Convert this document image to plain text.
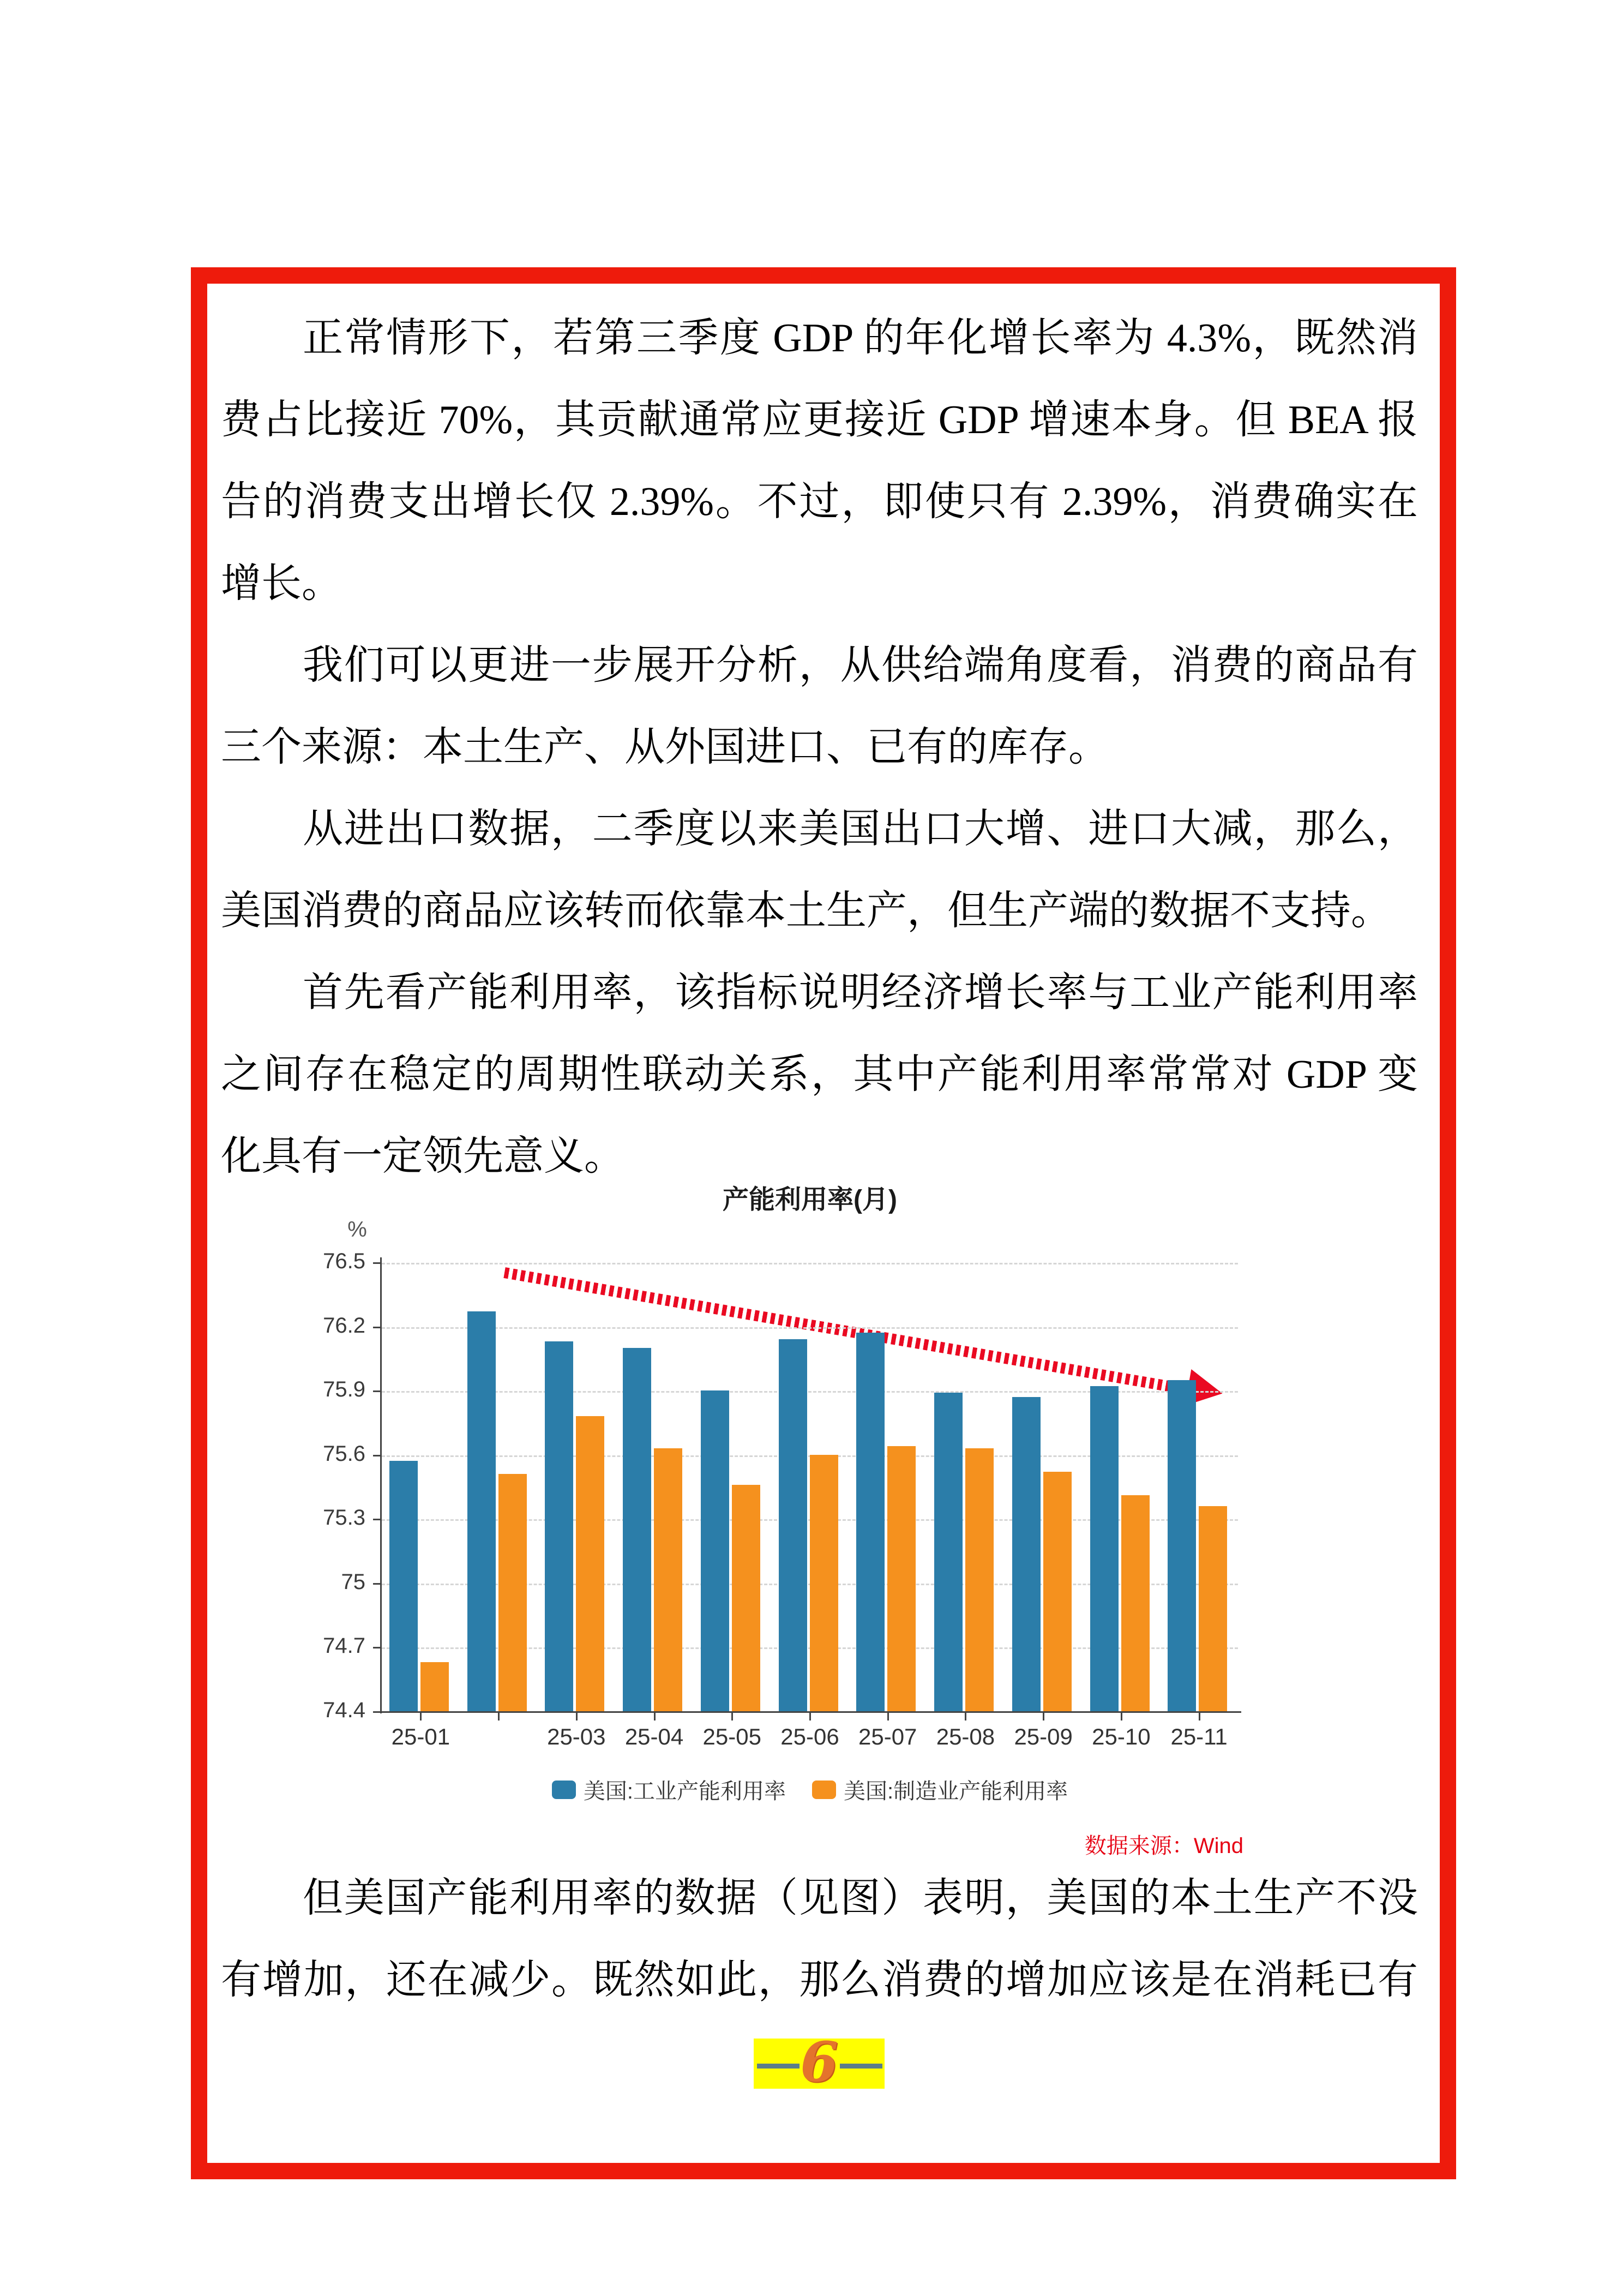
正常情形下，若第三季度 GDP 的年化增长率为 4.3%，既然消
费占比接近 70%，其贡献通常应更接近 GDP 增速本身。但 BEA 报
告的消费支出增长仅 2.39%。不过，即使只有 2.39%，消费确实在
增长。
我们可以更进一步展开分析，从供给端角度看，消费的商品有
三个来源：本土生产、从外国进口、已有的库存。
从进出口数据，二季度以来美国出口大增、进口大减，那么，
美国消费的商品应该转而依靠本土生产，但生产端的数据不支持。
首先看产能利用率，该指标说明经济增长率与工业产能利用率
之间存在稳定的周期性联动关系，其中产能利用率常常对 GDP 变
化具有一定领先意义。
产能利用率(月)
%
76.5
76.2
75.9
75.6
75.3
75
74.7
74.4
25-01	25-03 25-04 25-05 25-06 25-07 25-08 25-09 25-10 25-11
美国:工业产能利用率	美国:制造业产能利用率
数据来源：Wind
但美国产能利用率的数据（见图）表明，美国的本土生产不没
有增加，还在减少。既然如此，那么消费的增加应该是在消耗已有
6
